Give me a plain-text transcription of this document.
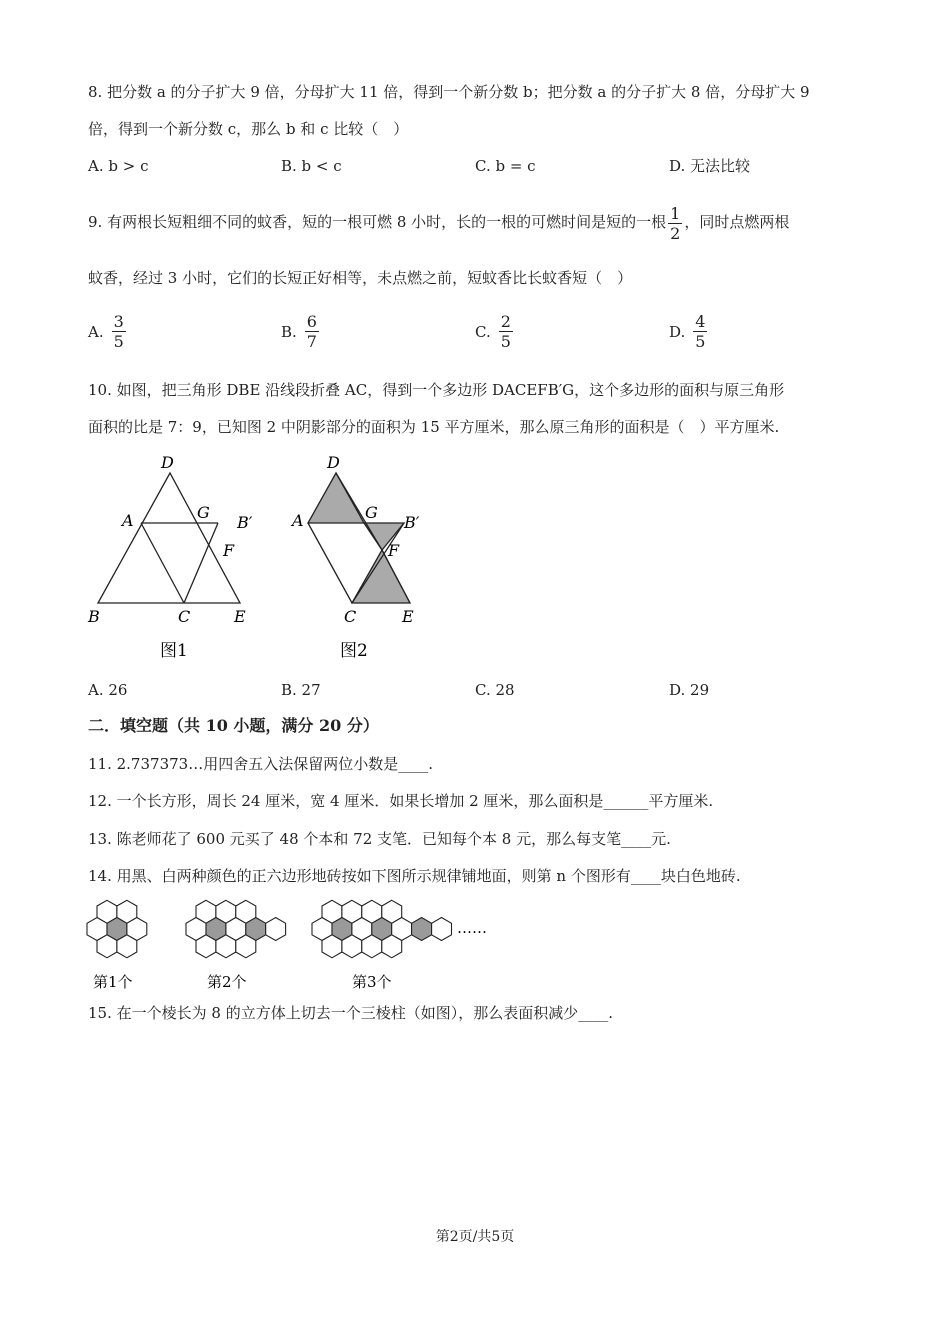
8. 把分数 a 的分子扩大 9 倍，分母扩大 11 倍，得到一个新分数 b；把分数 a 的分子扩大 8 倍，分母扩大 9
倍，得到一个新分数 c，那么 b 和 c 比较（　）
A. b > c	B. b < c	C. b = c	D. 无法比较
9. 有两根长短粗细不同的蚊香，短的一根可燃 8 小时，长的一根的可燃时间是短的一根 $\frac{1}{2}$ ，同时点燃两根
蚊香，经过 3 小时，它们的长短正好相等，未点燃之前，短蚊香比长蚊香短（　）
A. $\frac{3}{5}$	B. $\frac{6}{7}$	C. $\frac{2}{5}$	D. $\frac{4}{5}$
10. 如图，把三角形 DBE 沿线段折叠 AC，得到一个多边形 DACEFB′G，这个多边形的面积与原三角形
面积的比是 7：9，已知图 2 中阴影部分的面积为 15 平方厘米，那么原三角形的面积是（　）平方厘米.
D
A	G
B′
F
B	C	E
图1
D
A	G
B′
F
C	E
图2
A. 26	B. 27	C. 28	D. 29
二．填空题（共 10 小题，满分 20 分）
11. 2.737373…用四舍五入法保留两位小数是____.
12. 一个长方形，周长 24 厘米，宽 4 厘米．如果长增加 2 厘米，那么面积是______平方厘米.
13. 陈老师花了 600 元买了 48 个本和 72 支笔．已知每个本 8 元，那么每支笔____元.
14. 用黑、白两种颜色的正六边形地砖按如下图所示规律铺地面，则第 n 个图形有____块白色地砖.
第1个	第2个	第3个
……
15. 在一个棱长为 8 的立方体上切去一个三棱柱（如图），那么表面积减少____.
第2页/共5页
